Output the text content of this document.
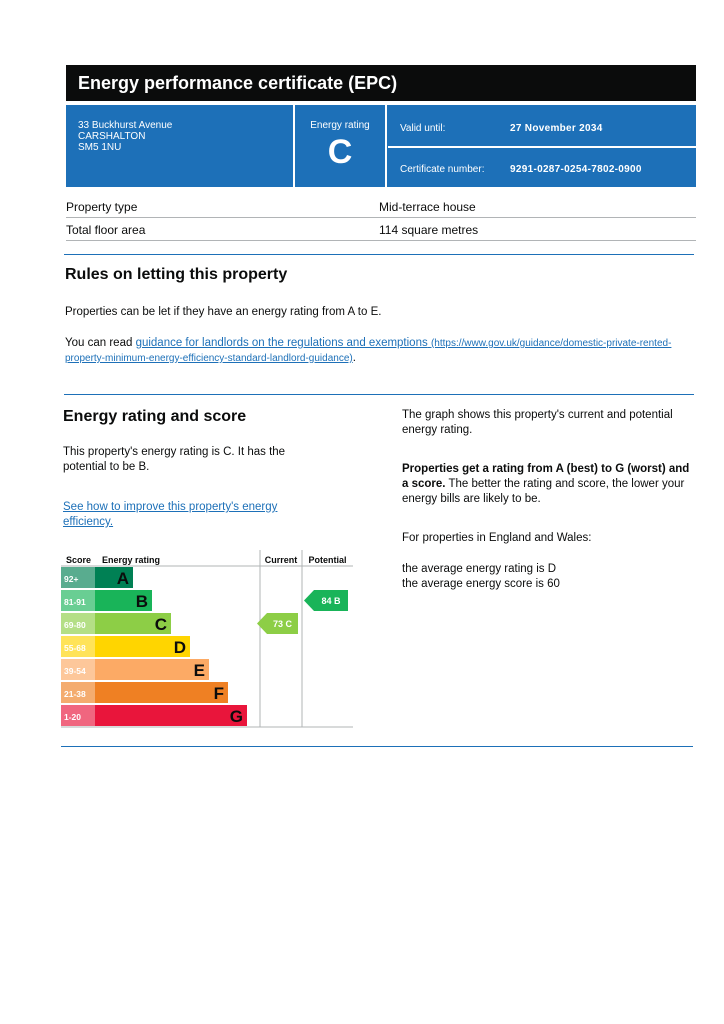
Energy performance certificate (EPC)
33 Buckhurst Avenue
CARSHALTON
SM5 1NU
Energy rating
C
Valid until:	27 November 2034
Certificate number:	9291-0287-0254-7802-0900
Property type	Mid-terrace house
Total floor area	114 square metres
Rules on letting this property

Properties can be let if they have an energy rating from A to E.

You can read guidance for landlords on the regulations and exemptions (https://www.gov.uk/guidance/domestic-private-rented-property-minimum-energy-efficiency-standard-landlord-guidance).

Energy rating and score

This property's energy rating is C. It has the potential to be B.

See how to improve this property's energy efficiency.
Score Energy rating	Current Potential
92+ A
81-91	B
69-80	C
55-68	D
39-54	E
21-38	F
1-20	G
73 C
84 B

The graph shows this property's current and potential energy rating.

Properties get a rating from A (best) to G (worst) and a score. The better the rating and score, the lower your energy bills are likely to be.

For properties in England and Wales:

the average energy rating is D

the average energy score is 60
